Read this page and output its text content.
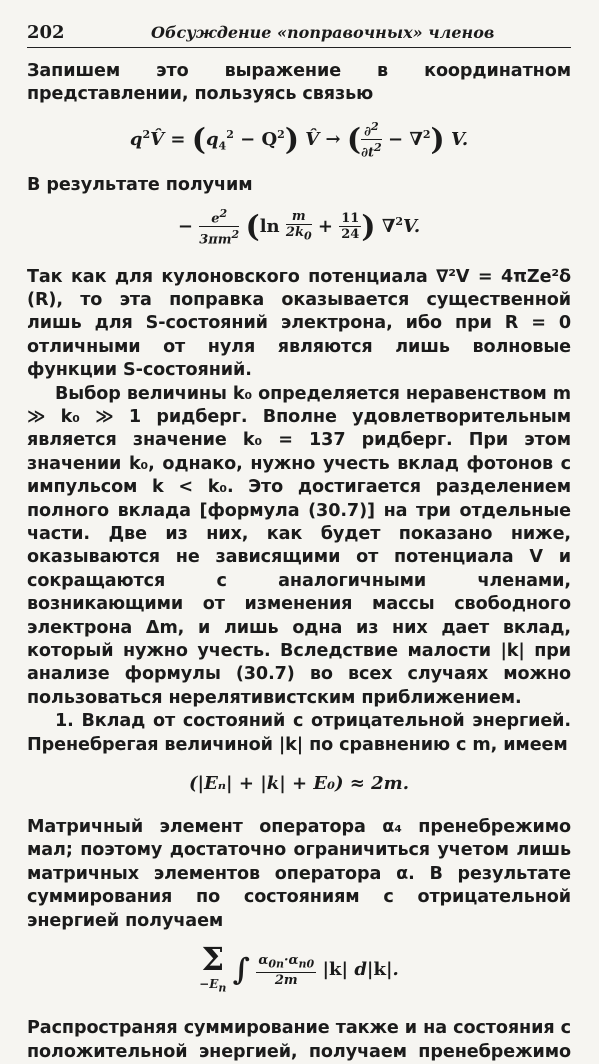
202	Обсуждение «поправочных» членов

Запишем это выражение в координатном представлении, пользуясь связью

$q^2V̂ = (q_4^2 - Q^2)$ V̂ → ( $\frac{\partial^2}{\partial t^2} - \nabla^2$) V.

В результате получим

− $\frac{e^2}{3\pi m^2} (\ln \frac{m}{2k_0} + \frac{11}{24}$ ) ∇$^2$V.

Так как для кулоновского потенциала ∇²V = 4πZe²δ (R), то эта поправка оказывается существенной лишь для S-состояний электрона, ибо при R = 0 отличными от нуля являются лишь волновые функции S-состояний.

Выбор величины k₀ определяется неравенством m ≫ k₀ ≫ 1 ридберг. Вполне удовлетворительным является значение k₀ = 137 ридберг. При этом значении k₀, однако, нужно учесть вклад фотонов с импульсом k < k₀. Это достигается разделением полного вклада [формула (30.7)] на три отдельные части. Две из них, как будет показано ниже, оказываются не зависящими от потенциала V и сокращаются с аналогичными членами, возникающими от изменения массы свободного электрона Δm, и лишь одна из них дает вклад, который нужно учесть. Вследствие малости |k| при анализе формулы (30.7) во всех случаях можно пользоваться нерелятивистским приближением.

1. Вклад от состояний с отрицательной энергией. Пренебрегая величиной |k| по сравнению с m, имеем

(|Eₙ| + |k| + E₀) ≈ 2m.

Матричный элемент оператора α₄ пренебрежимо мал; поэтому достаточно ограничиться учетом лишь матричных элементов оператора α. В результате суммирования по состояниям с отрицательной энергией получаем

Σ
$-E_n$
∫ $\frac{\alpha_{0n}\cdot\alpha_{n0}}{2m} |k|$ d|k|.

Распространяя суммирование также и на состояния с положительной энергией, получаем пренебрежимо
